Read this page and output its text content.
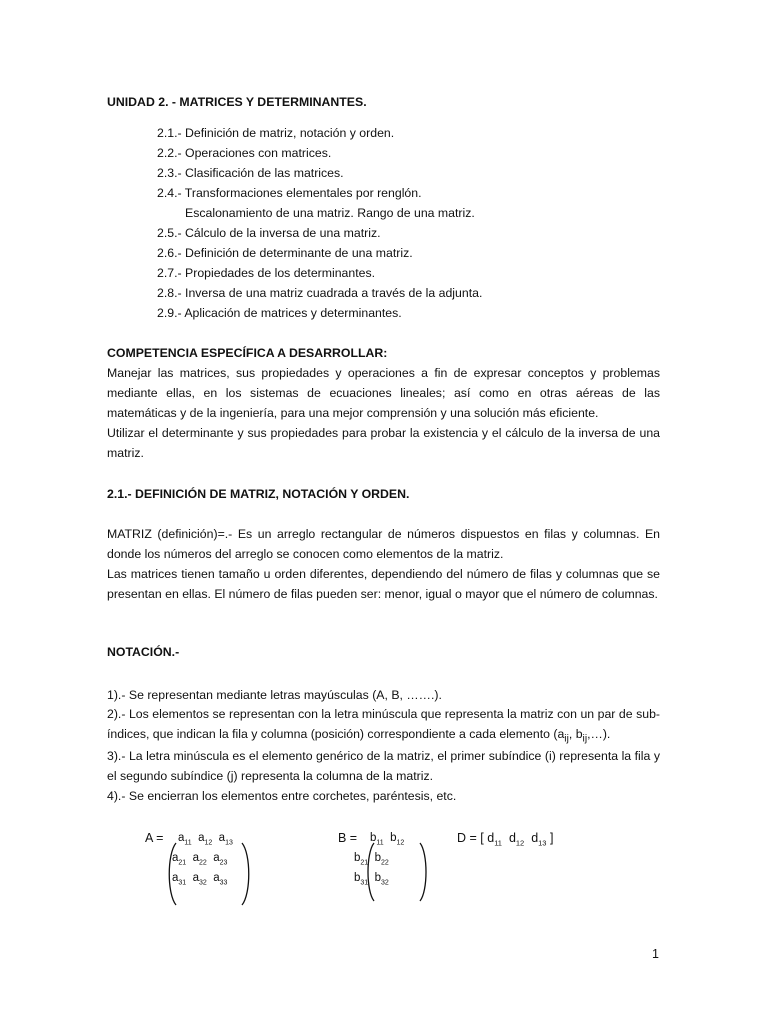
UNIDAD 2. - MATRICES Y DETERMINANTES.
2.1.- Definición de matriz, notación y orden.
2.2.- Operaciones con matrices.
2.3.- Clasificación de las matrices.
2.4.- Transformaciones elementales por renglón.
Escalonamiento de una matriz. Rango de una matriz.
2.5.- Cálculo de la inversa de una matriz.
2.6.- Definición de determinante de una matriz.
2.7.- Propiedades de los determinantes.
2.8.- Inversa de una matriz cuadrada a través de la adjunta.
2.9.- Aplicación de matrices y determinantes.
COMPETENCIA ESPECÍFICA A DESARROLLAR:
Manejar las matrices, sus propiedades y operaciones a fin de expresar conceptos y problemas mediante ellas, en los sistemas de ecuaciones lineales; así como en otras aéreas de las matemáticas y de la ingeniería, para una mejor comprensión y una solución más eficiente.
Utilizar el determinante y sus propiedades para probar la existencia y el cálculo de la inversa de una matriz.
2.1.- DEFINICIÓN DE MATRIZ, NOTACIÓN Y ORDEN.
MATRIZ (definición)=.- Es un arreglo rectangular de números dispuestos en filas y columnas. En donde los números del arreglo se conocen como elementos de la matriz.
Las matrices tienen tamaño u orden diferentes, dependiendo del número de filas y columnas que se presentan en ellas. El número de filas pueden ser: menor, igual o mayor que el número de columnas.
NOTACIÓN.-
1).- Se representan mediante letras mayúsculas (A, B, …….).
2).- Los elementos se representan con la letra minúscula que representa la matriz con un par de sub-índices, que indican la fila y columna (posición) correspondiente a cada elemento ($a_{ij}$, $b_{ij},\dots$).
3).- La letra minúscula es el elemento genérico de la matriz, el primer subíndice (i) representa la fila y el segundo subíndice (j) representa la columna de la matriz.
4).- Se encierran los elementos entre corchetes, paréntesis, etc.
$A = a_{11}$ $a_{12}$ $a_{13}$
$a_{21}$ $a_{22}$ $a_{23}$
$a_{31}$ $a_{32}$ $a_{33}$
$B = b_{11}$ $b_{12}$
$b_{21}$ $b_{22}$
$b_{31}$ $b_{32}$
D = [ $d_{11}$ $d_{12}$ $d_{13}$ ]
1
